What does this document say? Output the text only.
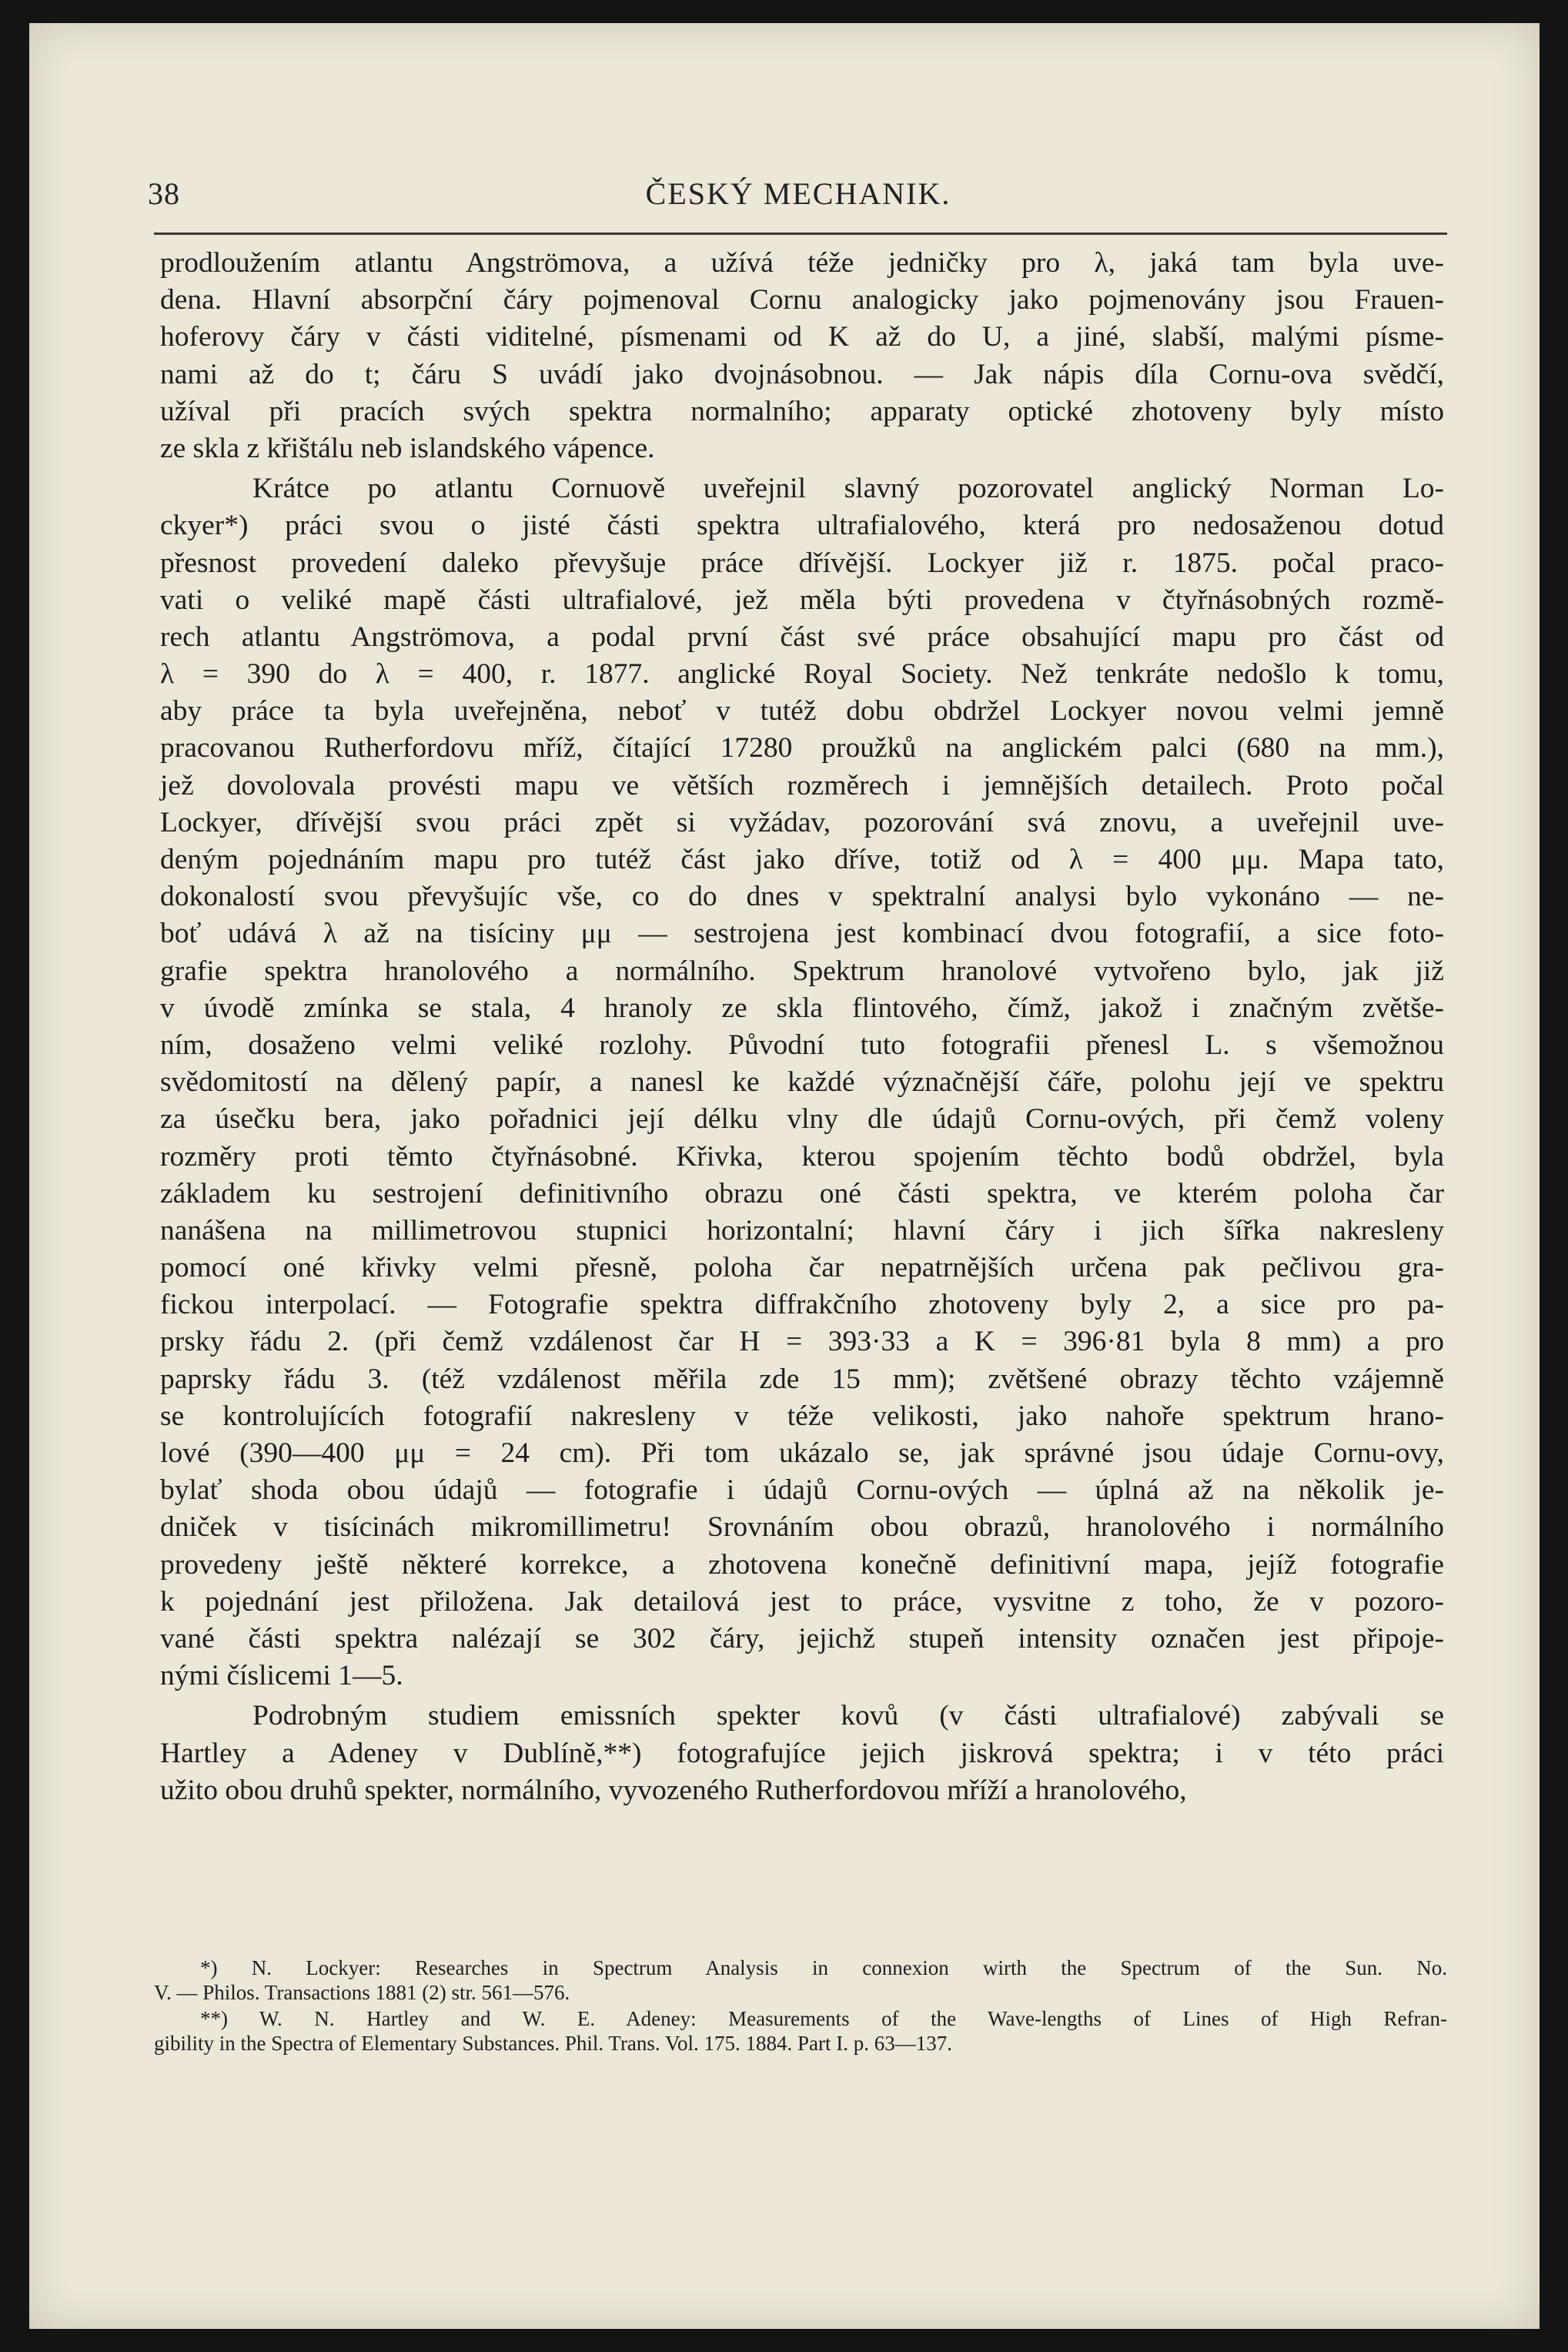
38	ČESKÝ MECHANIK.
prodloužením atlantu Angströmova, a užívá téže jedničky pro λ, jaká tam byla uve-
dena. Hlavní absorpční čáry pojmenoval Cornu analogicky jako pojmenovány jsou Frauen-
hoferovy čáry v části viditelné, písmenami od K až do U, a jiné, slabší, malými písme-
nami až do t; čáru S uvádí jako dvojnásobnou. — Jak nápis díla Cornu-ova svědčí,
užíval při pracích svých spektra normalního; apparaty optické zhotoveny byly místo
ze skla z křištálu neb islandského vápence.
Krátce po atlantu Cornuově uveřejnil slavný pozorovatel anglický Norman Lo-
ckyer*) práci svou o jisté části spektra ultrafialového, která pro nedosaženou dotud
přesnost provedení daleko převyšuje práce dřívější. Lockyer již r. 1875. počal praco-
vati o veliké mapě části ultrafialové, jež měla býti provedena v čtyřnásobných rozmě-
rech atlantu Angströmova, a podal první část své práce obsahující mapu pro část od
λ = 390 do λ = 400, r. 1877. anglické Royal Society. Než tenkráte nedošlo k tomu,
aby práce ta byla uveřejněna, neboť v tutéž dobu obdržel Lockyer novou velmi jemně
pracovanou Rutherfordovu mříž, čítající 17280 proužků na anglickém palci (680 na mm.),
jež dovolovala provésti mapu ve větších rozměrech i jemnějších detailech. Proto počal
Lockyer, dřívější svou práci zpět si vyžádav, pozorování svá znovu, a uveřejnil uve-
deným pojednáním mapu pro tutéž část jako dříve, totiž od λ = 400 μμ. Mapa tato,
dokonalostí svou převyšujíc vše, co do dnes v spektralní analysi bylo vykonáno — ne-
boť udává λ až na tisíciny μμ — sestrojena jest kombinací dvou fotografií, a sice foto-
grafie spektra hranolového a normálního. Spektrum hranolové vytvořeno bylo, jak již
v úvodě zmínka se stala, 4 hranoly ze skla flintového, čímž, jakož i značným zvětše-
ním, dosaženo velmi veliké rozlohy. Původní tuto fotografii přenesl L. s všemožnou
svědomitostí na dělený papír, a nanesl ke každé význačnější čáře, polohu její ve spektru
za úsečku bera, jako pořadnici její délku vlny dle údajů Cornu-ových, při čemž voleny
rozměry proti těmto čtyřnásobné. Křivka, kterou spojením těchto bodů obdržel, byla
základem ku sestrojení definitivního obrazu oné části spektra, ve kterém poloha čar
nanášena na millimetrovou stupnici horizontalní; hlavní čáry i jich šířka nakresleny
pomocí oné křivky velmi přesně, poloha čar nepatrnějších určena pak pečlivou gra-
fickou interpolací. — Fotografie spektra diffrakčního zhotoveny byly 2, a sice pro pa-
prsky řádu 2. (při čemž vzdálenost čar H = 393·33 a K = 396·81 byla 8 mm) a pro
paprsky řádu 3. (též vzdálenost měřila zde 15 mm); zvětšené obrazy těchto vzájemně
se kontrolujících fotografií nakresleny v téže velikosti, jako nahoře spektrum hrano-
lové (390—400 μμ = 24 cm). Při tom ukázalo se, jak správné jsou údaje Cornu-ovy,
bylať shoda obou údajů — fotografie i údajů Cornu-ových — úplná až na několik je-
dniček v tisícinách mikromillimetru! Srovnáním obou obrazů, hranolového i normálního
provedeny ještě některé korrekce, a zhotovena konečně definitivní mapa, jejíž fotografie
k pojednání jest přiložena. Jak detailová jest to práce, vysvitne z toho, že v pozoro-
vané části spektra nalézají se 302 čáry, jejichž stupeň intensity označen jest připoje-
nými číslicemi 1—5.
Podrobným studiem emissních spekter kovů (v části ultrafialové) zabývali se
Hartley a Adeney v Dublíně,**) fotografujíce jejich jiskrová spektra; i v této práci
užito obou druhů spekter, normálního, vyvozeného Rutherfordovou mříží a hranolového,
*) N. Lockyer: Researches in Spectrum Analysis in connexion wirth the Spectrum of the Sun. No.
V. — Philos. Transactions 1881 (2) str. 561—576.
**) W. N. Hartley and W. E. Adeney: Measurements of the Wave-lengths of Lines of High Refran-
gibility in the Spectra of Elementary Substances. Phil. Trans. Vol. 175. 1884. Part I. p. 63—137.
